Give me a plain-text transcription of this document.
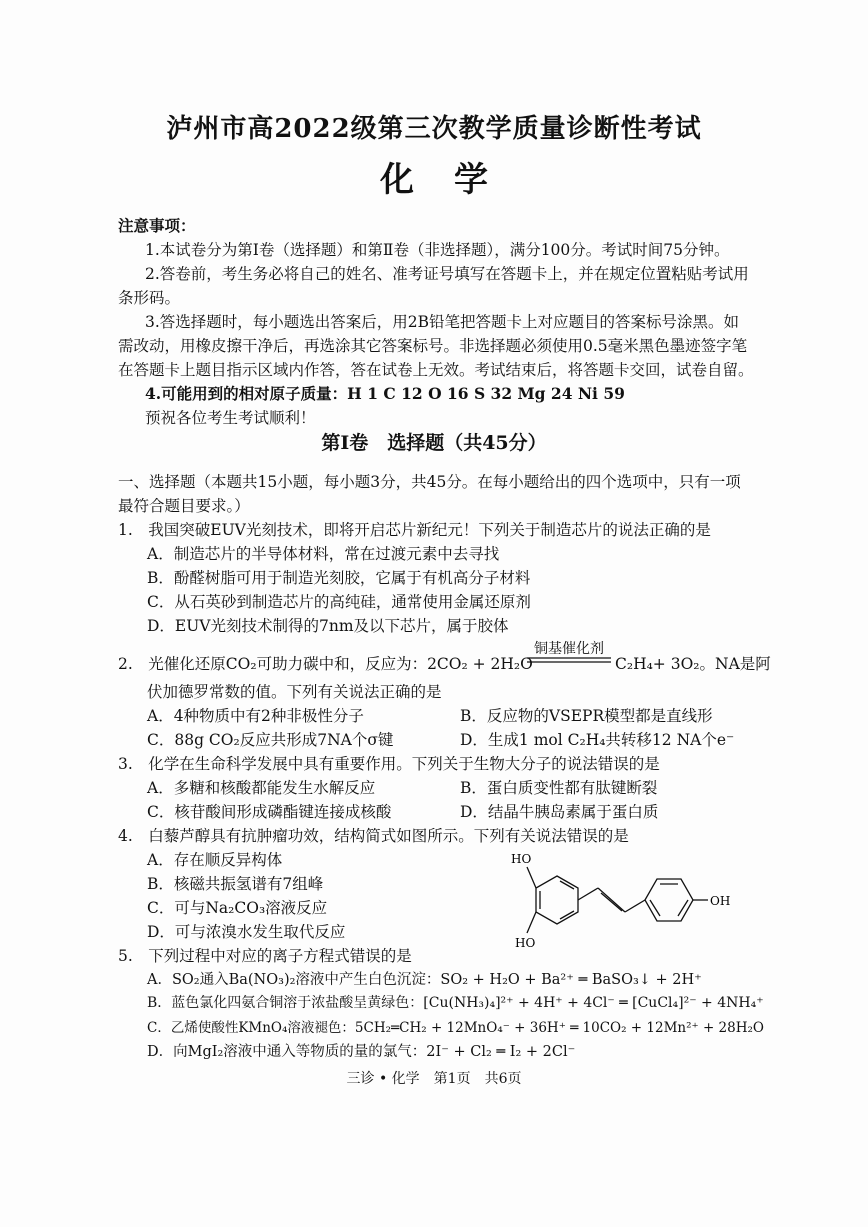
泸州市高2022级第三次教学质量诊断性考试
化学
注意事项：
1.本试卷分为第Ⅰ卷（选择题）和第Ⅱ卷（非选择题），满分100分。考试时间75分钟。
2.答卷前，考生务必将自己的姓名、准考证号填写在答题卡上，并在规定位置粘贴考试用
条形码。
3.答选择题时，每小题选出答案后，用2B铅笔把答题卡上对应题目的答案标号涂黑。如
需改动，用橡皮擦干净后，再选涂其它答案标号。非选择题必须使用0.5毫米黑色墨迹签字笔
在答题卡上题目指示区域内作答，答在试卷上无效。考试结束后，将答题卡交回，试卷自留。
4.可能用到的相对原子质量：H 1 C 12 O 16 S 32 Mg 24 Ni 59
预祝各位考生考试顺利！
第Ⅰ卷　选择题（共45分）
一、选择题（本题共15小题，每小题3分，共45分。在每小题给出的四个选项中，只有一项
最符合题目要求。）
1.　我国突破EUV光刻技术，即将开启芯片新纪元！下列关于制造芯片的说法正确的是
A．制造芯片的半导体材料，常在过渡元素中去寻找
B．酚醛树脂可用于制造光刻胶，它属于有机高分子材料
C．从石英砂到制造芯片的高纯硅，通常使用金属还原剂
D．EUV光刻技术制得的7nm及以下芯片，属于胶体
2.　光催化还原CO₂可助力碳中和，反应为：2CO₂ + 2H₂O
铜基催化剂
C₂H₄+ 3O₂。NA是阿
伏加德罗常数的值。下列有关说法正确的是
A．4种物质中有2种非极性分子	B．反应物的VSEPR模型都是直线形
C．88g CO₂反应共形成7NA个σ键	D．生成1 mol C₂H₄共转移12 NA个e⁻
3.　化学在生命科学发展中具有重要作用。下列关于生物大分子的说法错误的是
A．多糖和核酸都能发生水解反应	B．蛋白质变性都有肽键断裂
C．核苷酸间形成磷酯键连接成核酸	D．结晶牛胰岛素属于蛋白质
4.　白藜芦醇具有抗肿瘤功效，结构简式如图所示。下列有关说法错误的是
A．存在顺反异构体
B．核磁共振氢谱有7组峰
C．可与Na₂CO₃溶液反应
D．可与浓溴水发生取代反应
HO
HO
OH
5.　下列过程中对应的离子方程式错误的是
A．SO₂通入Ba(NO₃)₂溶液中产生白色沉淀：SO₂ + H₂O + Ba²⁺ ═ BaSO₃↓ + 2H⁺
B．蓝色氯化四氨合铜溶于浓盐酸呈黄绿色：[Cu(NH₃)₄]²⁺ + 4H⁺ + 4Cl⁻ ═ [CuCl₄]²⁻ + 4NH₄⁺
C．乙烯使酸性KMnO₄溶液褪色：5CH₂═CH₂ + 12MnO₄⁻ + 36H⁺ ═ 10CO₂ + 12Mn²⁺ + 28H₂O
D．向MgI₂溶液中通入等物质的量的氯气：2I⁻ + Cl₂ ═ I₂ + 2Cl⁻
三诊 • 化学　第1页　共6页
